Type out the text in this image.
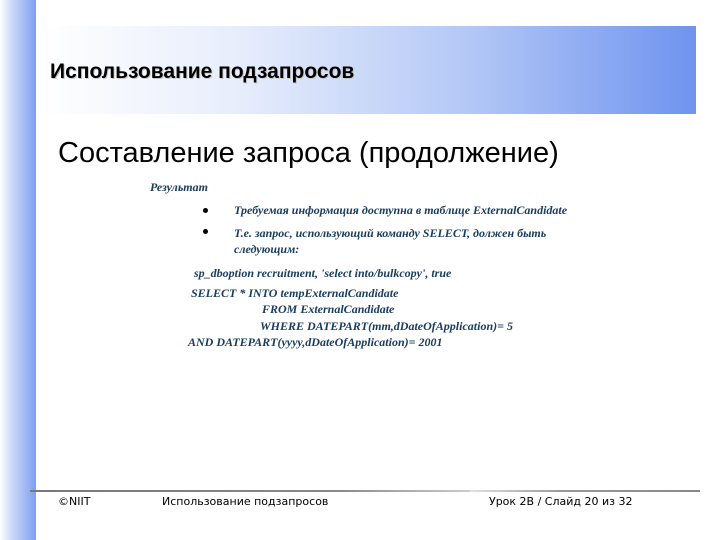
Использование подзапросов
Составление запроса (продолжение)

Результат

Требуемая информация доступна в таблице ExternalCandidate

Т.е. запрос, использующий команду SELECT, должен быть
следующим:

sp_dboption recruitment, 'select into/bulkcopy', true

SELECT * INTO tempExternalCandidate

FROM ExternalCandidate

WHERE DATEPART(mm,dDateOfApplication)= 5

AND DATEPART(yyyy,dDateOfApplication)= 2001

©NIIT	Использование подзапросов	Урок 2B / Слайд 20 из 32
